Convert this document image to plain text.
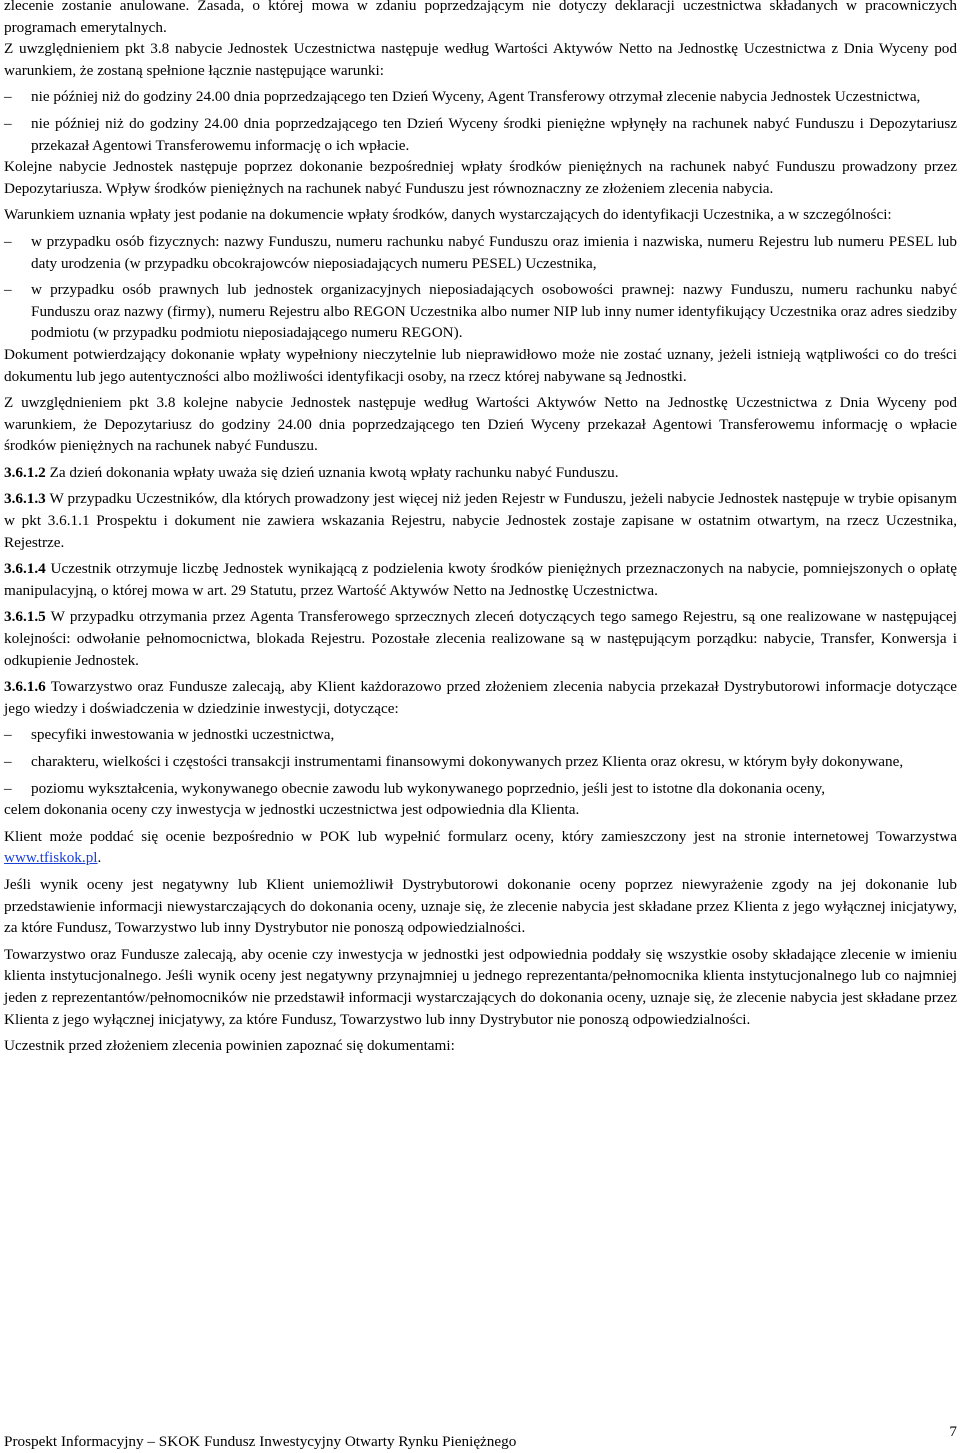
zlecenie zostanie anulowane. Zasada, o której mowa w zdaniu poprzedzającym nie dotyczy deklaracji uczestnictwa składanych w pracowniczych programach emerytalnych.

Z uwzględnieniem pkt 3.8 nabycie Jednostek Uczestnictwa następuje według Wartości Aktywów Netto na Jednostkę Uczestnictwa z Dnia Wyceny pod warunkiem, że zostaną spełnione łącznie następujące warunki:

–	nie później niż do godziny 24.00 dnia poprzedzającego ten Dzień Wyceny, Agent Transferowy otrzymał zlecenie nabycia Jednostek Uczestnictwa,
–	nie później niż do godziny 24.00 dnia poprzedzającego ten Dzień Wyceny środki pieniężne wpłynęły na rachunek nabyć Funduszu i Depozytariusz przekazał Agentowi Transferowemu informację o ich wpłacie.

Kolejne nabycie Jednostek następuje poprzez dokonanie bezpośredniej wpłaty środków pieniężnych na rachunek nabyć Funduszu prowadzony przez Depozytariusza. Wpływ środków pieniężnych na rachunek nabyć Funduszu jest równoznaczny ze złożeniem zlecenia nabycia.

Warunkiem uznania wpłaty jest podanie na dokumencie wpłaty środków, danych wystarczających do identyfikacji Uczestnika, a w szczególności:

–	w przypadku osób fizycznych: nazwy Funduszu, numeru rachunku nabyć Funduszu oraz imienia i nazwiska, numeru Rejestru lub numeru PESEL lub daty urodzenia (w przypadku obcokrajowców nieposiadających numeru PESEL) Uczestnika,
–	w przypadku osób prawnych lub jednostek organizacyjnych nieposiadających osobowości prawnej: nazwy Funduszu, numeru rachunku nabyć Funduszu oraz nazwy (firmy), numeru Rejestru albo REGON Uczestnika albo numer NIP lub inny numer identyfikujący Uczestnika oraz adres siedziby podmiotu (w przypadku podmiotu nieposiadającego numeru REGON).

Dokument potwierdzający dokonanie wpłaty wypełniony nieczytelnie lub nieprawidłowo może nie zostać uznany, jeżeli istnieją wątpliwości co do treści dokumentu lub jego autentyczności albo możliwości identyfikacji osoby, na rzecz której nabywane są Jednostki.

Z uwzględnieniem pkt 3.8 kolejne nabycie Jednostek następuje według Wartości Aktywów Netto na Jednostkę Uczestnictwa z Dnia Wyceny pod warunkiem, że Depozytariusz do godziny 24.00 dnia poprzedzającego ten Dzień Wyceny przekazał Agentowi Transferowemu informację o wpłacie środków pieniężnych na rachunek nabyć Funduszu.

3.6.1.2 Za dzień dokonania wpłaty uważa się dzień uznania kwotą wpłaty rachunku nabyć Funduszu.

3.6.1.3 W przypadku Uczestników, dla których prowadzony jest więcej niż jeden Rejestr w Funduszu, jeżeli nabycie Jednostek następuje w trybie opisanym w pkt 3.6.1.1 Prospektu i dokument nie zawiera wskazania Rejestru, nabycie Jednostek zostaje zapisane w ostatnim otwartym, na rzecz Uczestnika, Rejestrze.

3.6.1.4 Uczestnik otrzymuje liczbę Jednostek wynikającą z podzielenia kwoty środków pieniężnych przeznaczonych na nabycie, pomniejszonych o opłatę manipulacyjną, o której mowa w art. 29 Statutu, przez Wartość Aktywów Netto na Jednostkę Uczestnictwa.

3.6.1.5 W przypadku otrzymania przez Agenta Transferowego sprzecznych zleceń dotyczących tego samego Rejestru, są one realizowane w następującej kolejności: odwołanie pełnomocnictwa, blokada Rejestru. Pozostałe zlecenia realizowane są w następującym porządku: nabycie, Transfer, Konwersja i odkupienie Jednostek.

3.6.1.6 Towarzystwo oraz Fundusze zalecają, aby Klient każdorazowo przed złożeniem zlecenia nabycia przekazał Dystrybutorowi informacje dotyczące jego wiedzy i doświadczenia w dziedzinie inwestycji, dotyczące:

–	specyfiki inwestowania w jednostki uczestnictwa,
–	charakteru, wielkości i częstości transakcji instrumentami finansowymi dokonywanych przez Klienta oraz okresu, w którym były dokonywane,
–	poziomu wykształcenia, wykonywanego obecnie zawodu lub wykonywanego poprzednio, jeśli jest to istotne dla dokonania oceny,

celem dokonania oceny czy inwestycja w jednostki uczestnictwa jest odpowiednia dla Klienta.

Klient może poddać się ocenie bezpośrednio w POK lub wypełnić formularz oceny, który zamieszczony jest na stronie internetowej Towarzystwa www.tfiskok.pl.

Jeśli wynik oceny jest negatywny lub Klient uniemożliwił Dystrybutorowi dokonanie oceny poprzez niewyrażenie zgody na jej dokonanie lub przedstawienie informacji niewystarczających do dokonania oceny, uznaje się, że zlecenie nabycia jest składane przez Klienta z jego wyłącznej inicjatywy, za które Fundusz, Towarzystwo lub inny Dystrybutor nie ponoszą odpowiedzialności.

Towarzystwo oraz Fundusze zalecają, aby ocenie czy inwestycja w jednostki jest odpowiednia poddały się wszystkie osoby składające zlecenie w imieniu klienta instytucjonalnego. Jeśli wynik oceny jest negatywny przynajmniej u jednego reprezentanta/pełnomocnika klienta instytucjonalnego lub co najmniej jeden z reprezentantów/pełnomocników nie przedstawił informacji wystarczających do dokonania oceny, uznaje się, że zlecenie nabycia jest składane przez Klienta z jego wyłącznej inicjatywy, za które Fundusz, Towarzystwo lub inny Dystrybutor nie ponoszą odpowiedzialności.

Uczestnik przed złożeniem zlecenia powinien zapoznać się dokumentami:

Prospekt Informacyjny – SKOK Fundusz Inwestycyjny Otwarty Rynku Pieniężnego
7
